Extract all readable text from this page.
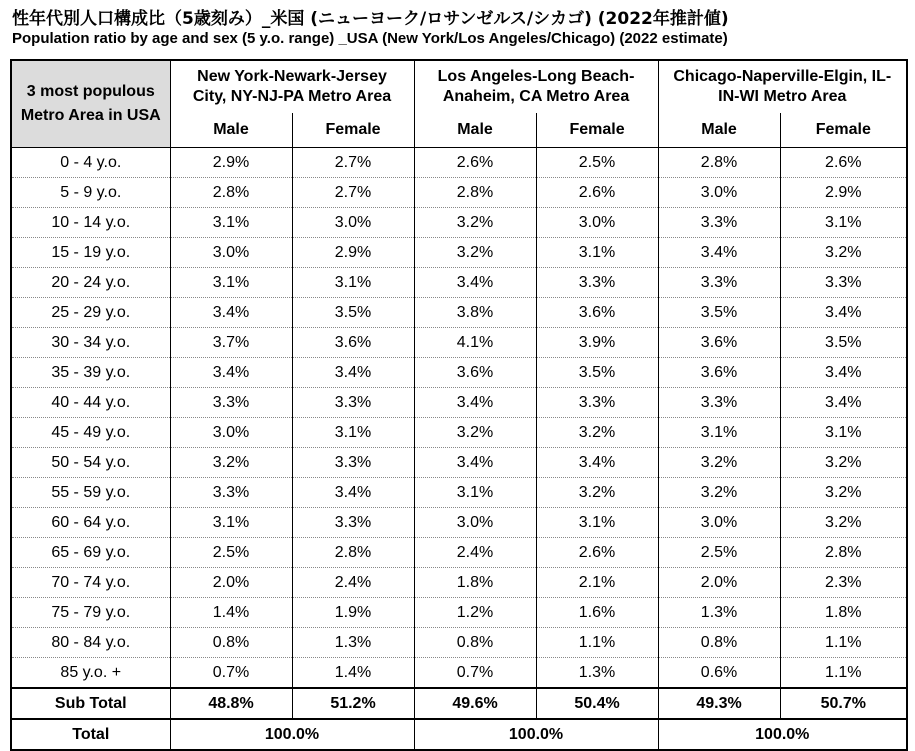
性年代別人口構成比（5歳刻み）_米国 (ニューヨーク/ロサンゼルス/シカゴ) (2022年推計値)
Population ratio by age and sex (5 y.o. range) _USA (New York/Los Angeles/Chicago) (2022 estimate)
3 most populous
Metro Area in USA	New York-Newark-Jersey
City, NY-NJ-PA Metro Area		Los Angeles-Long Beach-
Anaheim, CA Metro Area		Chicago-Naperville-Elgin, IL-
IN-WI Metro Area	
	Male	Female	Male	Female	Male	Female
0 - 4 y.o.	2.9%	2.7%	2.6%	2.5%	2.8%	2.6%
5 - 9 y.o.	2.8%	2.7%	2.8%	2.6%	3.0%	2.9%
10 - 14 y.o.	3.1%	3.0%	3.2%	3.0%	3.3%	3.1%
15 - 19 y.o.	3.0%	2.9%	3.2%	3.1%	3.4%	3.2%
20 - 24 y.o.	3.1%	3.1%	3.4%	3.3%	3.3%	3.3%
25 - 29 y.o.	3.4%	3.5%	3.8%	3.6%	3.5%	3.4%
30 - 34 y.o.	3.7%	3.6%	4.1%	3.9%	3.6%	3.5%
35 - 39 y.o.	3.4%	3.4%	3.6%	3.5%	3.6%	3.4%
40 - 44 y.o.	3.3%	3.3%	3.4%	3.3%	3.3%	3.4%
45 - 49 y.o.	3.0%	3.1%	3.2%	3.2%	3.1%	3.1%
50 - 54 y.o.	3.2%	3.3%	3.4%	3.4%	3.2%	3.2%
55 - 59 y.o.	3.3%	3.4%	3.1%	3.2%	3.2%	3.2%
60 - 64 y.o.	3.1%	3.3%	3.0%	3.1%	3.0%	3.2%
65 - 69 y.o.	2.5%	2.8%	2.4%	2.6%	2.5%	2.8%
70 - 74 y.o.	2.0%	2.4%	1.8%	2.1%	2.0%	2.3%
75 - 79 y.o.	1.4%	1.9%	1.2%	1.6%	1.3%	1.8%
80 - 84 y.o.	0.8%	1.3%	0.8%	1.1%	0.8%	1.1%
85 y.o. +	0.7%	1.4%	0.7%	1.3%	0.6%	1.1%
Sub Total	48.8%	51.2%	49.6%	50.4%	49.3%	50.7%
Total	100.0%		100.0%		100.0%	
